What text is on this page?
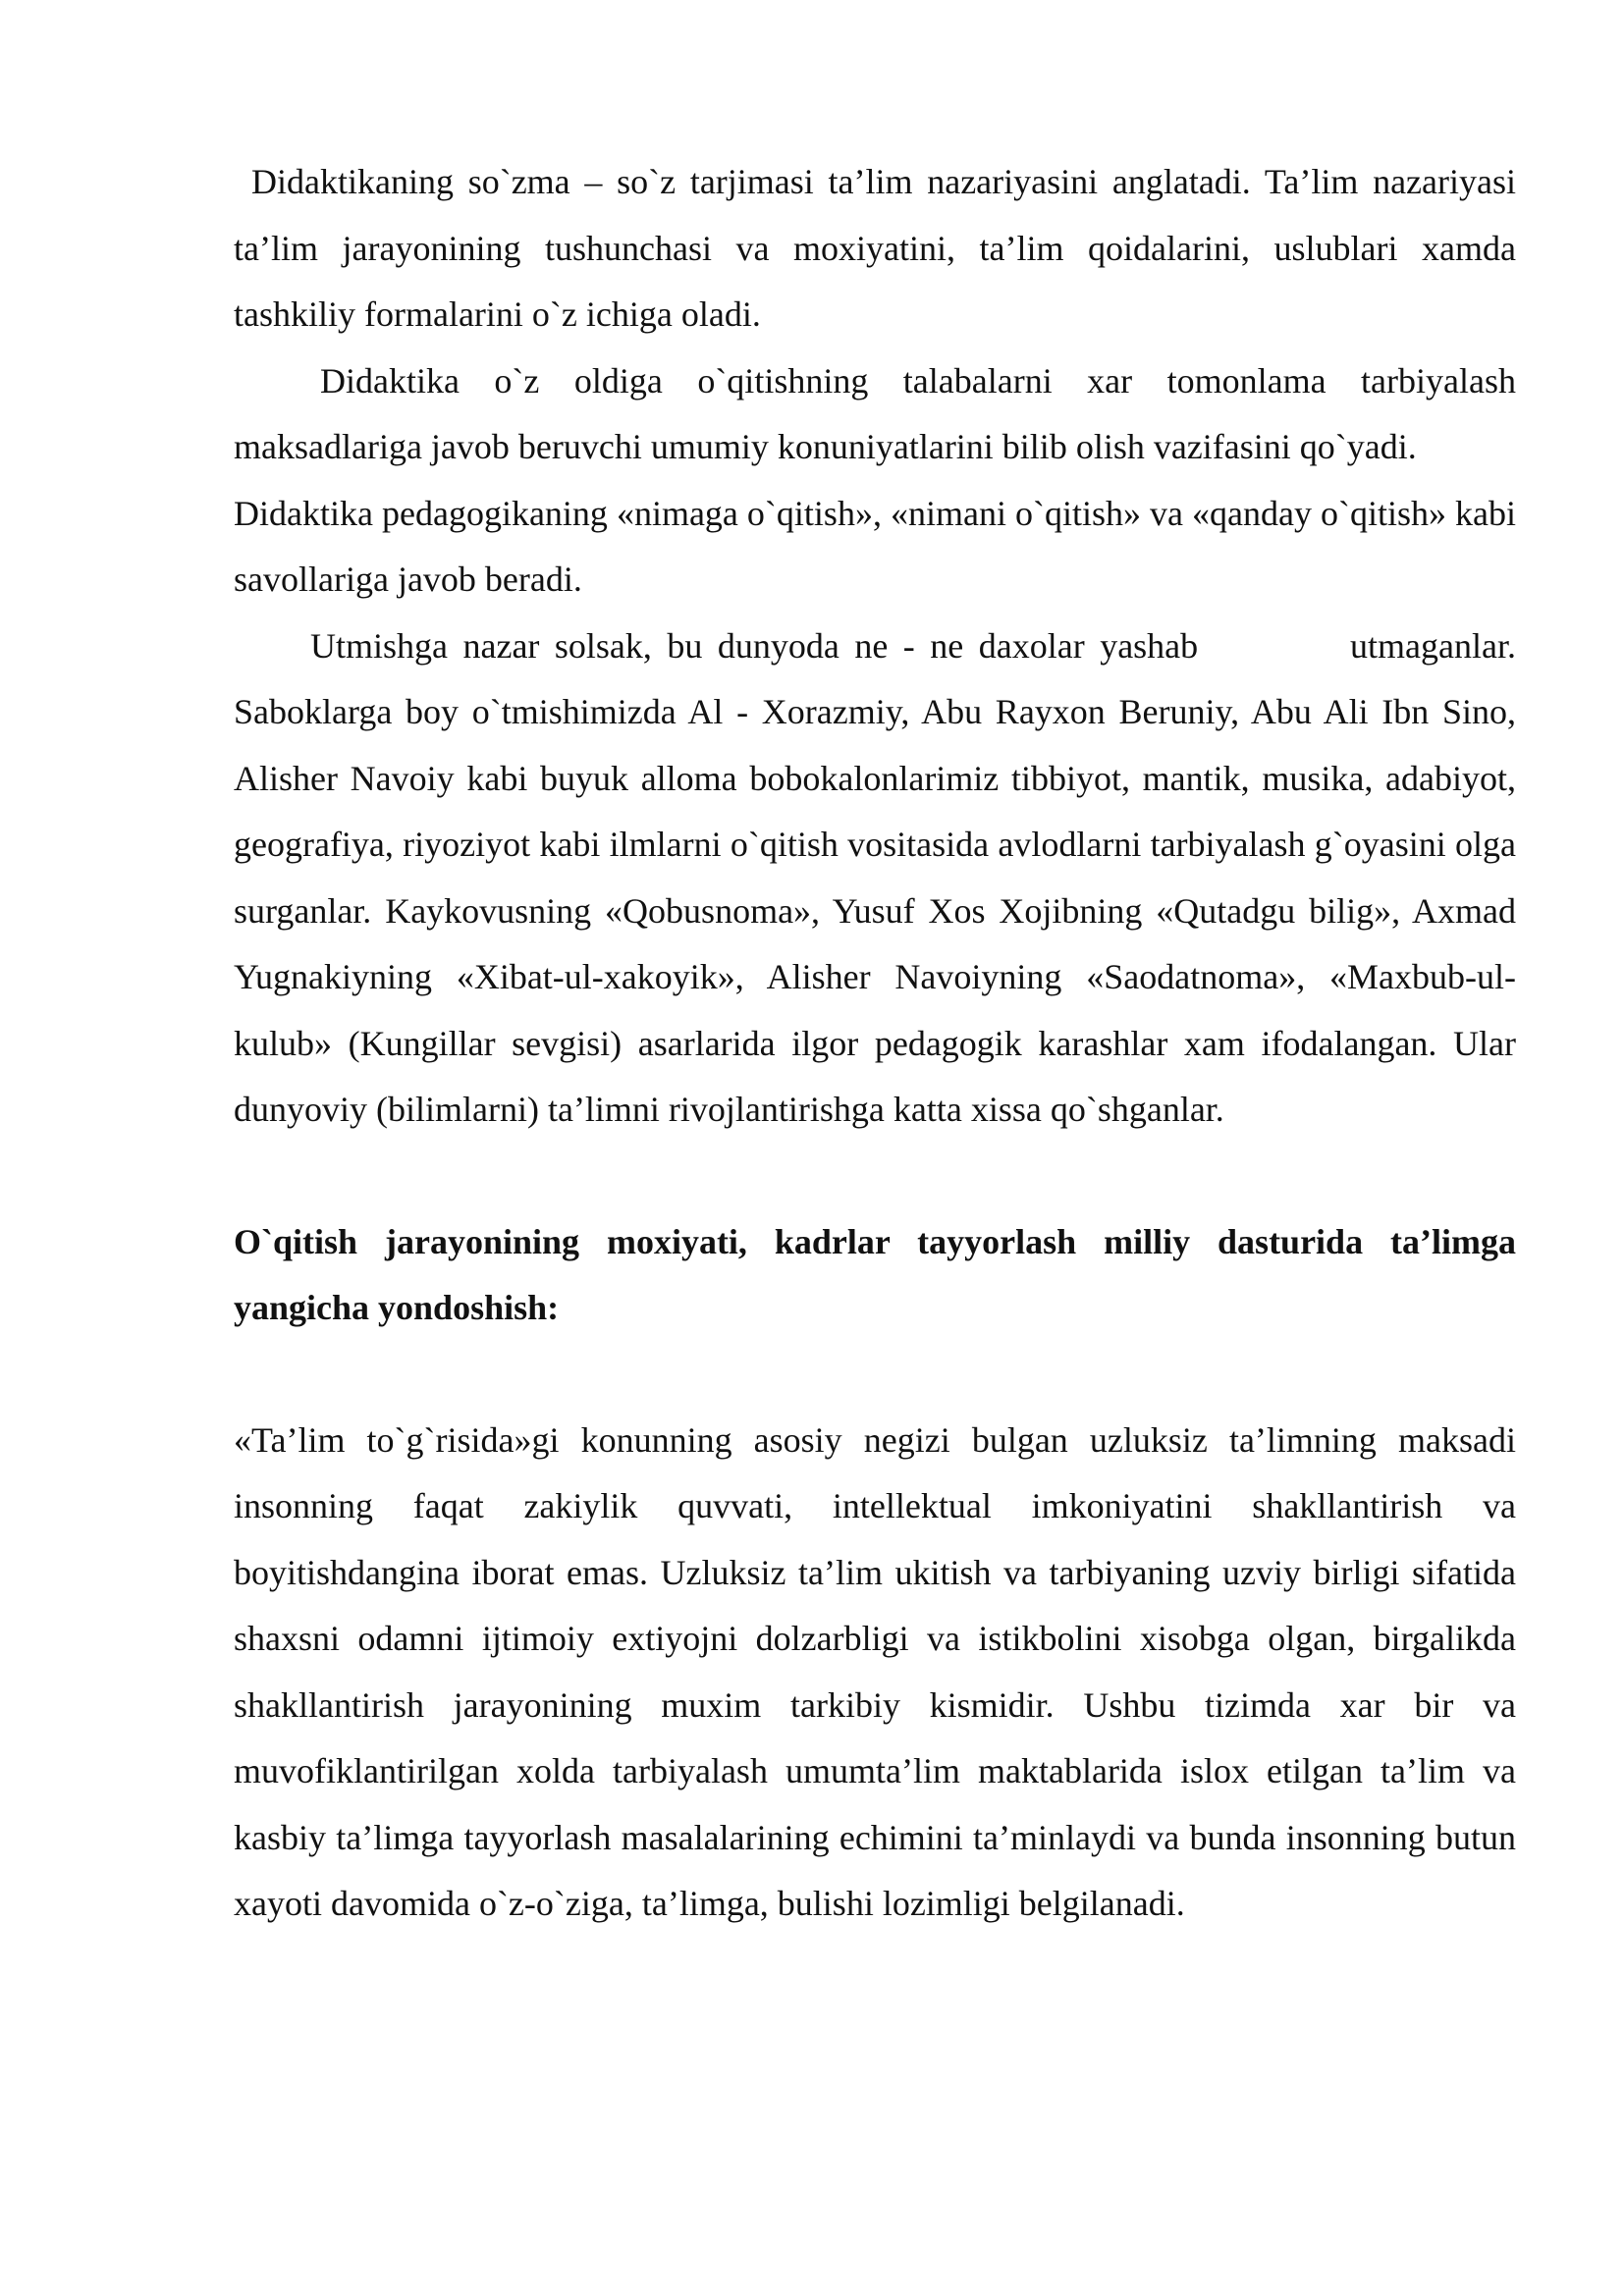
Didaktikaning so`zma – so`z tarjimasi ta’lim nazariyasini anglatadi. Ta’lim nazariyasi ta’lim jarayonining tushunchasi va moxiyatini, ta’lim qoidalarini, uslublari xamda tashkiliy formalarini o`z ichiga oladi.

Didaktika o`z oldiga o`qitishning talabalarni xar tomonlama tarbiyalash maksadlariga javob beruvchi umumiy konuniyatlarini bilib olish vazifasini qo`yadi.

Didaktika pedagogikaning «nimaga o`qitish», «nimani o`qitish» va «qanday o`qitish» kabi savollariga javob beradi.

Utmishga nazar solsak, bu dunyoda ne - ne daxolar yashab          utmaganlar. Saboklarga boy o`tmishimizda Al - Xorazmiy, Abu Rayxon Beruniy, Abu Ali Ibn Sino, Alisher Navoiy kabi buyuk alloma bobokalonlarimiz tibbiyot, mantik, musika, adabiyot, geografiya, riyoziyot kabi ilmlarni o`qitish vositasida avlodlarni tarbiyalash g`oyasini olga surganlar. Kaykovusning «Qobusnoma», Yusuf Xos Xojibning «Qutadgu bilig», Axmad Yugnakiyning «Xibat-ul-xakoyik», Alisher Navoiyning «Saodatnoma», «Maxbub-ul-kulub» (Kungillar sevgisi) asarlarida ilgor pedagogik karashlar xam ifodalangan. Ular dunyoviy (bilimlarni) ta’limni rivojlantirishga katta xissa qo`shganlar.

O`qitish jarayonining moxiyati, kadrlar tayyorlash milliy dasturida ta’limga yangicha yondoshish:

«Ta’lim to`g`risida»gi konunning asosiy negizi bulgan uzluksiz ta’limning maksadi insonning faqat zakiylik quvvati, intellektual imkoniyatini shakllantirish va boyitishdangina iborat emas. Uzluksiz ta’lim ukitish va tarbiyaning uzviy birligi sifatida shaxsni odamni ijtimoiy extiyojni dolzarbligi va istikbolini xisobga olgan, birgalikda shakllantirish jarayonining muxim tarkibiy kismidir. Ushbu tizimda xar bir va muvofiklantirilgan xolda tarbiyalash umumta’lim maktablarida islox etilgan ta’lim va kasbiy ta’limga tayyorlash masalalarining echimini ta’minlaydi va bunda insonning butun xayoti davomida o`z-o`ziga, ta’limga, bulishi lozimligi belgilanadi.
